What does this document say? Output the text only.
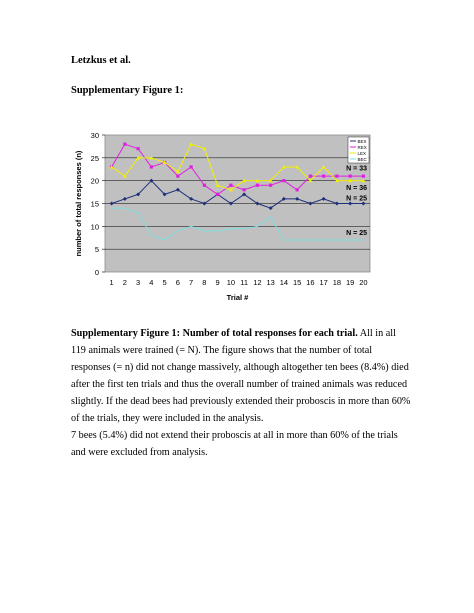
Letzkus et al.
Supplementary Figure 1:
0
5
10
15
20
25
30
1 2 3 4 5 6 7 8 9 10 11 12 13 14 15 16 17 18 19 20
Trial #
number of total responses (n)
BEX
REX
LEX
BEC
N = 33
N = 36
N = 25
N = 25

Supplementary Figure 1: Number of total responses for each trial. All in all 119 animals were trained (= N). The figure shows that the number of total responses (= n) did not change massively, although altogether ten bees (8.4%) died after the first ten trials and thus the overall number of trained animals was reduced slightly. If the dead bees had previously extended their proboscis in more than 60% of the trials, they were included in the analysis.

7 bees (5.4%) did not extend their proboscis at all in more than 60% of the trials and were excluded from analysis.
